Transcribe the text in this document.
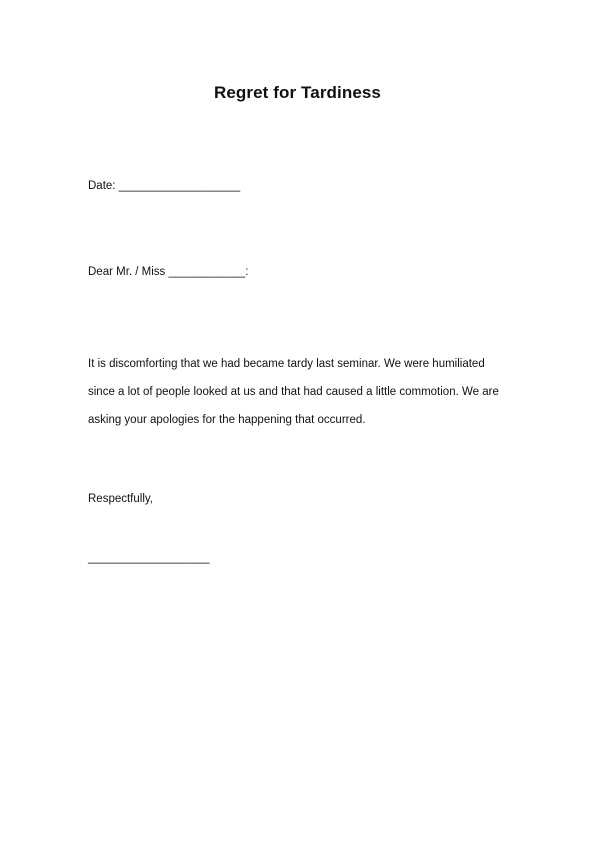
Regret for Tardiness
Date: ___________________
Dear Mr. / Miss ____________:
It is discomforting that we had became tardy last seminar. We were humiliated
since a lot of people looked at us and that had caused a little commotion. We are
asking your apologies for the happening that occurred.
Respectfully,
___________________
